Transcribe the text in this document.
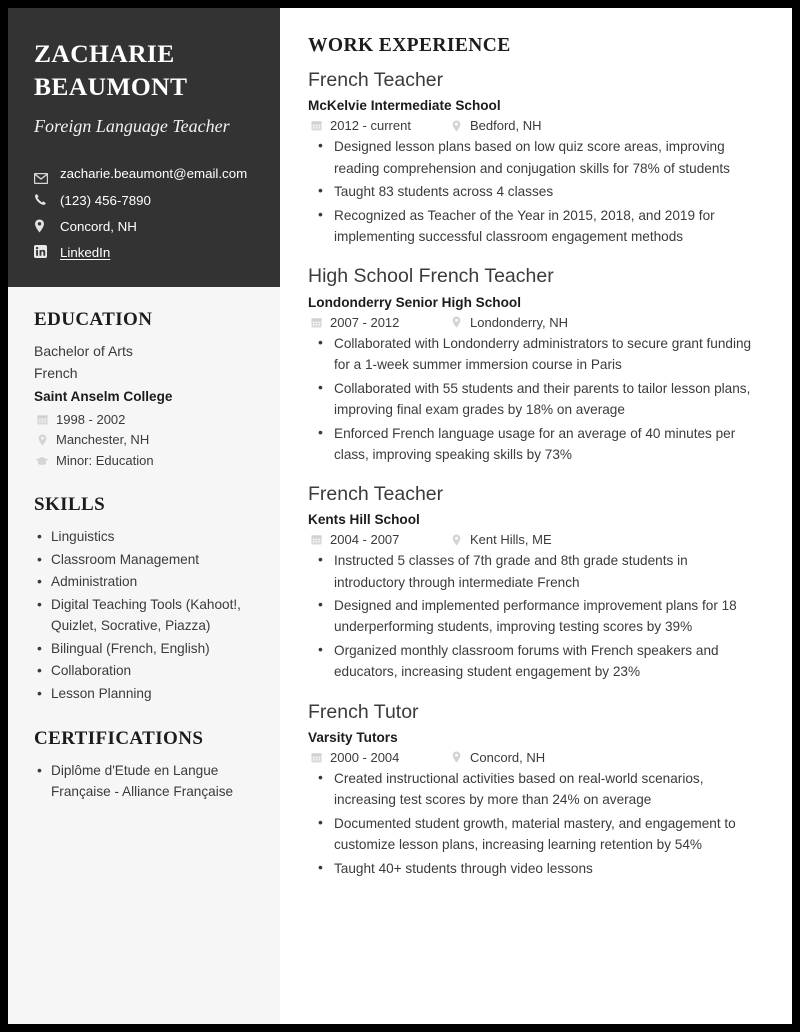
ZACHARIE
BEAUMONT
Foreign Language Teacher
zacharie.beaumont@email.com
(123) 456-7890
Concord, NH
LinkedIn
EDUCATION
Bachelor of Arts
French
Saint Anselm College
1998 - 2002
Manchester, NH
Minor: Education
SKILLS
• Linguistics
• Classroom Management
• Administration
• Digital Teaching Tools (Kahoot!, Quizlet, Socrative, Piazza)
• Bilingual (French, English)
• Collaboration
• Lesson Planning
CERTIFICATIONS
• Diplôme d'Etude en Langue Française - Alliance Française
WORK EXPERIENCE
French Teacher
McKelvie Intermediate School
2012 - current	Bedford, NH
• Designed lesson plans based on low quiz score areas, improving reading comprehension and conjugation skills for 78% of students
• Taught 83 students across 4 classes
• Recognized as Teacher of the Year in 2015, 2018, and 2019 for implementing successful classroom engagement methods
High School French Teacher
Londonderry Senior High School
2007 - 2012	Londonderry, NH
• Collaborated with Londonderry administrators to secure grant funding for a 1-week summer immersion course in Paris
• Collaborated with 55 students and their parents to tailor lesson plans, improving final exam grades by 18% on average
• Enforced French language usage for an average of 40 minutes per class, improving speaking skills by 73%
French Teacher
Kents Hill School
2004 - 2007	Kent Hills, ME
• Instructed 5 classes of 7th grade and 8th grade students in introductory through intermediate French
• Designed and implemented performance improvement plans for 18 underperforming students, improving testing scores by 39%
• Organized monthly classroom forums with French speakers and educators, increasing student engagement by 23%
French Tutor
Varsity Tutors
2000 - 2004	Concord, NH
• Created instructional activities based on real-world scenarios, increasing test scores by more than 24% on average
• Documented student growth, material mastery, and engagement to customize lesson plans, increasing learning retention by 54%
• Taught 40+ students through video lessons
